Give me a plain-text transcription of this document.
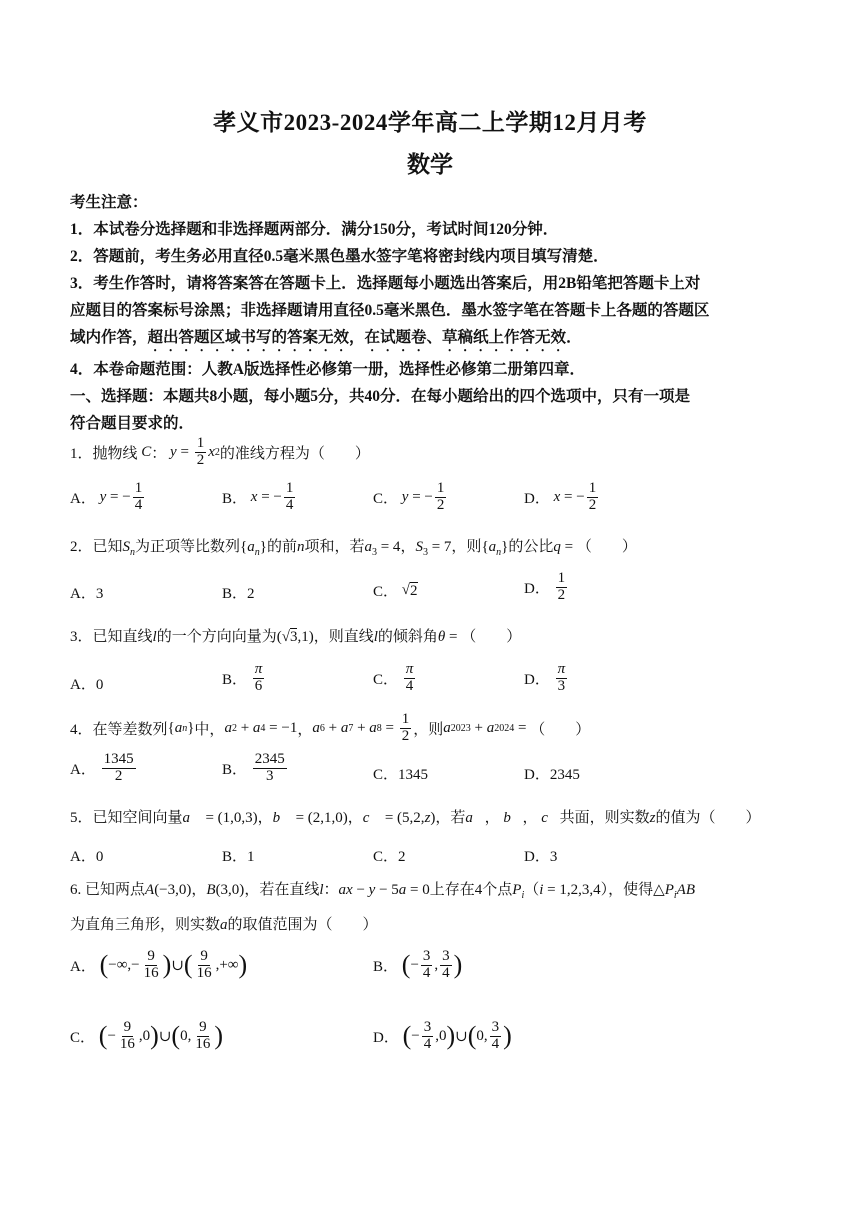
孝义市2023-2024学年高二上学期12月月考
数学
考生注意：
1．本试卷分选择题和非选择题两部分．满分150分，考试时间120分钟．
2．答题前，考生务必用直径0.5毫米黑色墨水签字笔将密封线内项目填写清楚．
3．考生作答时，请将答案答在答题卡上．选择题每小题选出答案后，用2B铅笔把答题卡上对
应题目的答案标号涂黑；非选择题请用直径0.5毫米黑色．墨水签字笔在答题卡上各题的答题区
域内作答，超出答题区域书写的答案无效，在试题卷、草稿纸上作答无效．
4．本卷命题范围：人教A版选择性必修第一册，选择性必修第二册第四章．
一、选择题：本题共8小题，每小题5分，共40分．在每小题给出的四个选项中，只有一项是
符合题目要求的．
1．抛物线 C ： $y = \frac{1}{2}$ x 2 的准线方程为（　　）
A．
y = − $\frac{1}{4}$	B．
x = − $\frac{1}{4}$	C．
y = − $\frac{1}{2}$	D．
x = − $\frac{1}{2}$
2．已知$S_n$为正项等比数列$\{a_n\}$的前n项和，若$a_3 = 4$，$S_3 = 7$，则$\{a_n\}$的公比q = （　　）
A．3	B．2	C． √ 2	D．
$\frac{1}{2}$
3．已知直线l的一个方向向量为(√3,1)，则直线l的倾斜角θ = （　　）
A．0	B．
$\frac{\pi}{6}$	C．
$\frac{\pi}{4}$	D．
$\frac{\pi}{3}$
4．在等差数列 { a n } 中， a 2 + a 4 = −1 ， a 6 + a 7 + a $8 = \frac{1}{2}$ ，则 a 2023 + a 2024 = （　　）
A．
$\frac{1345}{2}$	B．
$\frac{2345}{3}$	C．1345	D．2345
5．已知空间向量a⃗ = (1,0,3)，b⃗ = (2,1,0)，c⃗ = (5,2,z)，若a⃗， b⃗， c⃗共面，则实数z的值为（　　）
A．0	B．1	C．2	D．3
6. 已知两点A(−3,0)，B(3,0)，若在直线l：ax − y − 5a = 0上存在4个点$P_i(i = 1,2,3,4)$，使得$\triangle P_iAB$
为直角三角形，则实数a的取值范围为（　　）
A．
( −∞,− $\frac{9}{16}$ ) ∪ ( $\frac{9}{16}$ ,+∞ )	B．
( − $\frac{3}{4}$ , $\frac{3}{4}$ )
C．
( − $\frac{9}{16} ,0$ ) ∪ ( 0, $\frac{9}{16}$ )	D．
( − $\frac{3}{4} ,0$ ) ∪ ( 0, $\frac{3}{4}$ )
